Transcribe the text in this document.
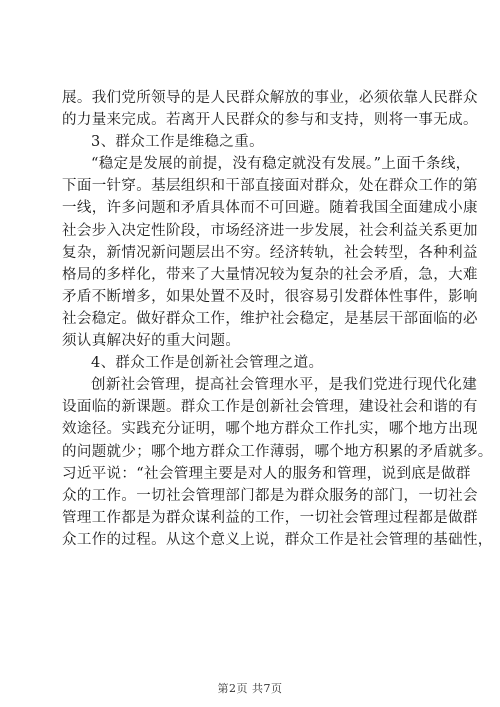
展。我们党所领导的是人民群众解放的事业，必须依靠人民群众
的力量来完成。若离开人民群众的参与和支持，则将一事无成。
3、群众工作是维稳之重。
“稳定是发展的前提，没有稳定就没有发展。”上面千条线，
下面一针穿。基层组织和干部直接面对群众，处在群众工作的第
一线，许多问题和矛盾具体而不可回避。随着我国全面建成小康
社会步入决定性阶段，市场经济进一步发展，社会利益关系更加
复杂，新情况新问题层出不穷。经济转轨，社会转型，各种利益
格局的多样化，带来了大量情况较为复杂的社会矛盾，急，大难
矛盾不断增多，如果处置不及时，很容易引发群体性事件，影响
社会稳定。做好群众工作，维护社会稳定，是基层干部面临的必
须认真解决好的重大问题。
4、群众工作是创新社会管理之道。
创新社会管理，提高社会管理水平，是我们党进行现代化建
设面临的新课题。群众工作是创新社会管理，建设社会和谐的有
效途径。实践充分证明，哪个地方群众工作扎实，哪个地方出现
的问题就少；哪个地方群众工作薄弱，哪个地方积累的矛盾就多。
习近平说：“社会管理主要是对人的服务和管理，说到底是做群
众的工作。一切社会管理部门都是为群众服务的部门，一切社会
管理工作都是为群众谋利益的工作，一切社会管理过程都是做群
众工作的过程。从这个意义上说，群众工作是社会管理的基础性，
第2页 共7页
